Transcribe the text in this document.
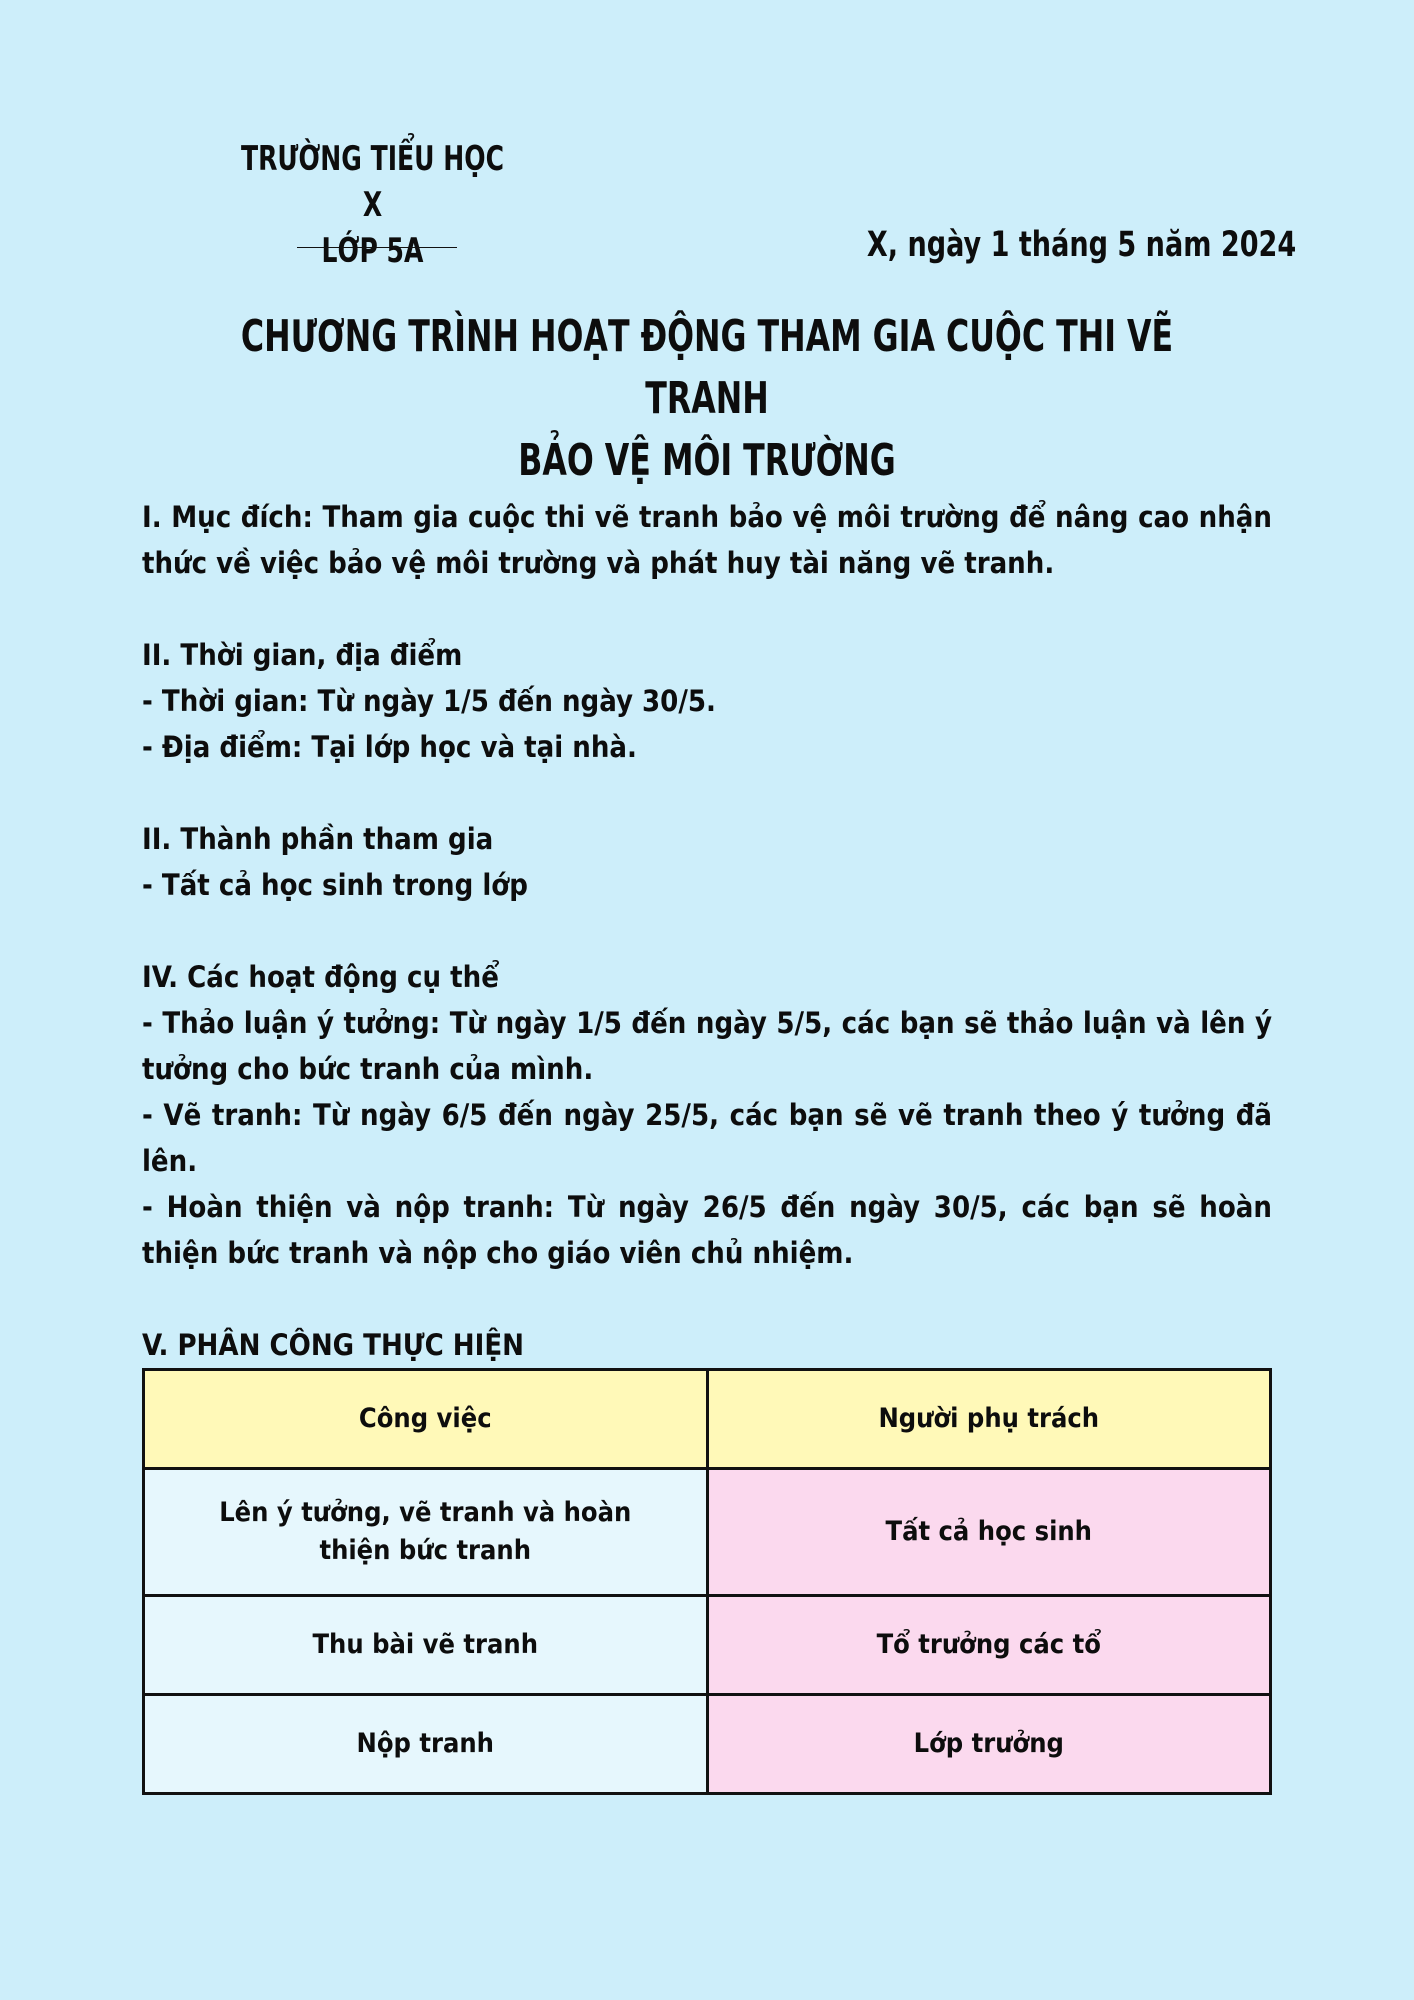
TRƯỜNG TIỂU HỌC X
LỚP 5A	X, ngày 1 tháng 5 năm 2024
CHƯƠNG TRÌNH HOẠT ĐỘNG THAM GIA CUỘC THI VẼ TRANH
BẢO VỆ MÔI TRƯỜNG

I. Mục đích: Tham gia cuộc thi vẽ tranh bảo vệ môi trường để nâng cao nhận thức về việc bảo vệ môi trường và phát huy tài năng vẽ tranh.

II. Thời gian, địa điểm

- Thời gian: Từ ngày 1/5 đến ngày 30/5.

- Địa điểm: Tại lớp học và tại nhà.

II. Thành phần tham gia

- Tất cả học sinh trong lớp

IV. Các hoạt động cụ thể

- Thảo luận ý tưởng: Từ ngày 1/5 đến ngày 5/5, các bạn sẽ thảo luận và lên ý tưởng cho bức tranh của mình.

- Vẽ tranh: Từ ngày 6/5 đến ngày 25/5, các bạn sẽ vẽ tranh theo ý tưởng đã lên.

- Hoàn thiện và nộp tranh: Từ ngày 26/5 đến ngày 30/5, các bạn sẽ hoàn thiện bức tranh và nộp cho giáo viên chủ nhiệm.

V. PHÂN CÔNG THỰC HIỆN

Công việc	Người phụ trách
Lên ý tưởng, vẽ tranh và hoàn thiện bức tranh	Tất cả học sinh
Thu bài vẽ tranh	Tổ trưởng các tổ
Nộp tranh	Lớp trưởng
